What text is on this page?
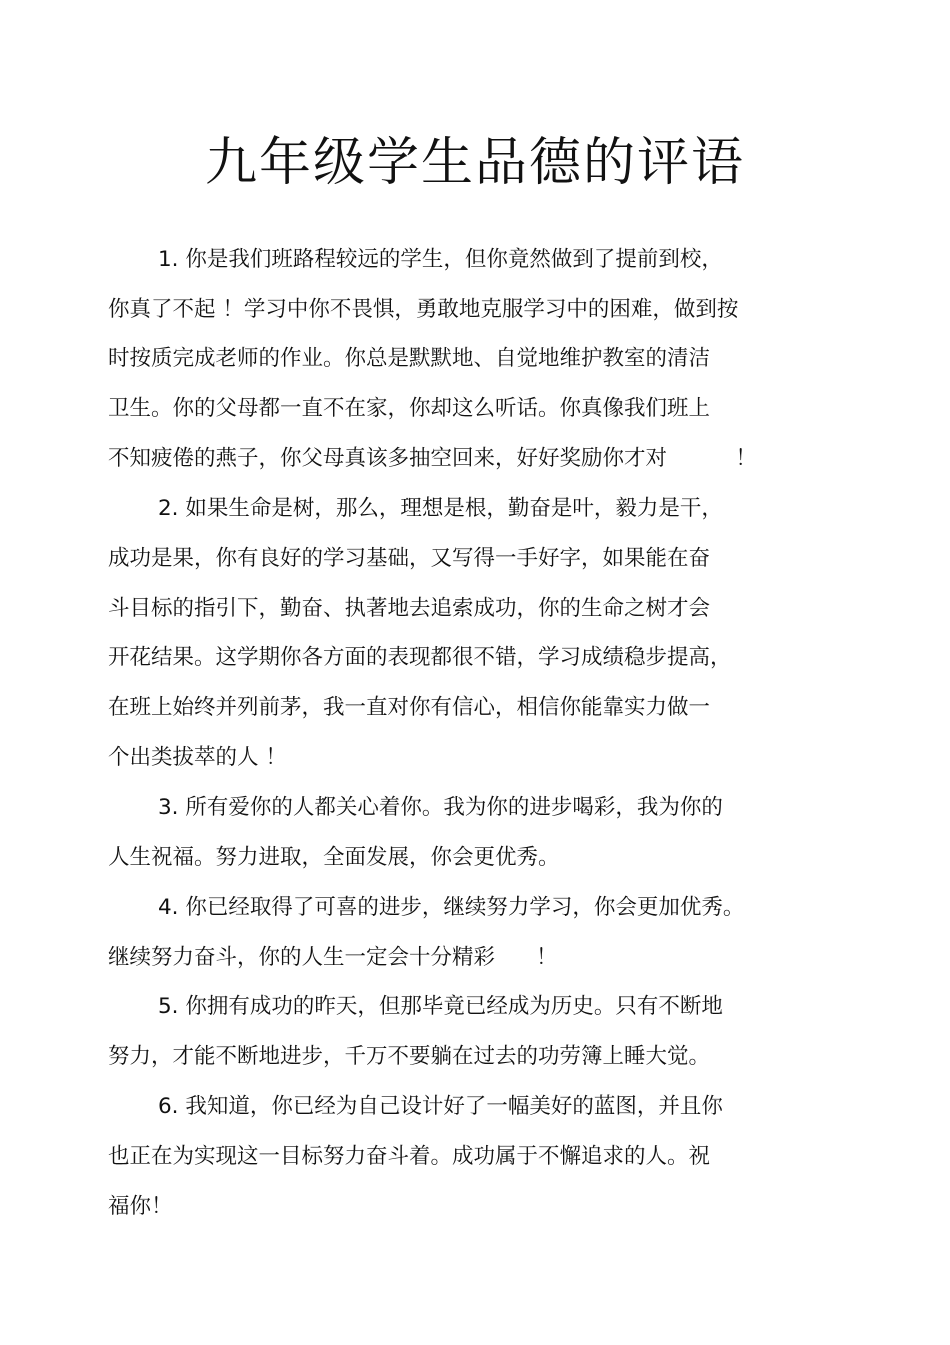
九年级学生品德的评语

1. 你是我们班路程较远的学生，但你竟然做到了提前到校，

你真了不起 ！学习中你不畏惧，勇敢地克服学习中的困难，做到按

时按质完成老师的作业。你总是默默地、自觉地维护教室的清洁

卫生。你的父母都一直不在家，你却这么听话。你真像我们班上

不知疲倦的燕子，你父母真该多抽空回来，好好奖励你才对          ！

2. 如果生命是树，那么，理想是根，勤奋是叶，毅力是干，

成功是果，你有良好的学习基础，又写得一手好字，如果能在奋

斗目标的指引下，勤奋、执著地去追索成功，你的生命之树才会

开花结果。这学期你各方面的表现都很不错，学习成绩稳步提高，

在班上始终并列前茅，我一直对你有信心，相信你能靠实力做一

个出类拔萃的人 ！

3. 所有爱你的人都关心着你。我为你的进步喝彩，我为你的

人生祝福。努力进取，全面发展，你会更优秀。

4. 你已经取得了可喜的进步，继续努力学习，你会更加优秀。

继续努力奋斗，你的人生一定会十分精彩      ！

5. 你拥有成功的昨天，但那毕竟已经成为历史。只有不断地

努力，才能不断地进步，千万不要躺在过去的功劳簿上睡大觉。

6. 我知道，你已经为自己设计好了一幅美好的蓝图，并且你

也正在为实现这一目标努力奋斗着。成功属于不懈追求的人。祝

福你！
